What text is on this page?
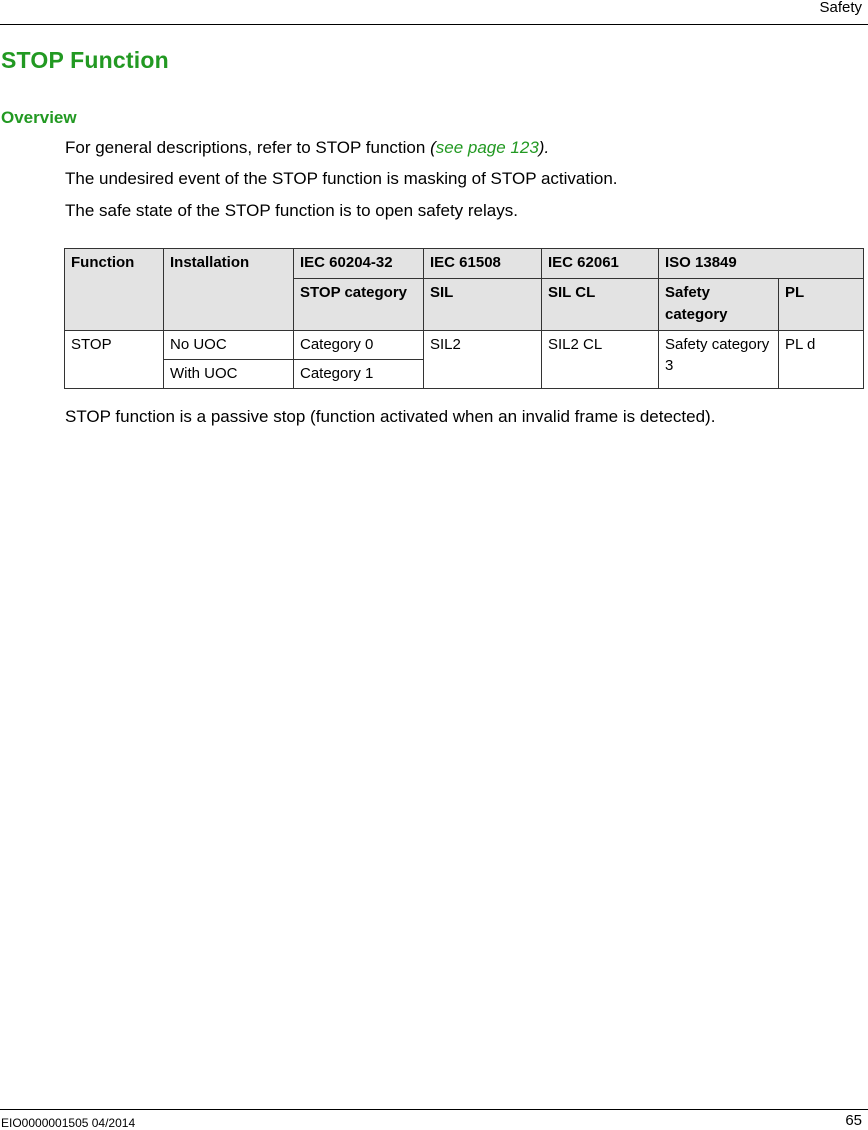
Safety
STOP Function
Overview

For general descriptions, refer to STOP function (see page 123).

The undesired event of the STOP function is masking of STOP activation.

The safe state of the STOP function is to open safety relays.

Function	Installation	IEC 60204-32	IEC 61508	IEC 62061	ISO 13849	
		STOP category	SIL	SIL CL	Safety category	PL
STOP	No UOC	Category 0	SIL2	SIL2 CL	Safety category 3	PL d
	With UOC	Category 1				

STOP function is a passive stop (function activated when an invalid frame is detected).

EIO0000001505 04/2014	65
